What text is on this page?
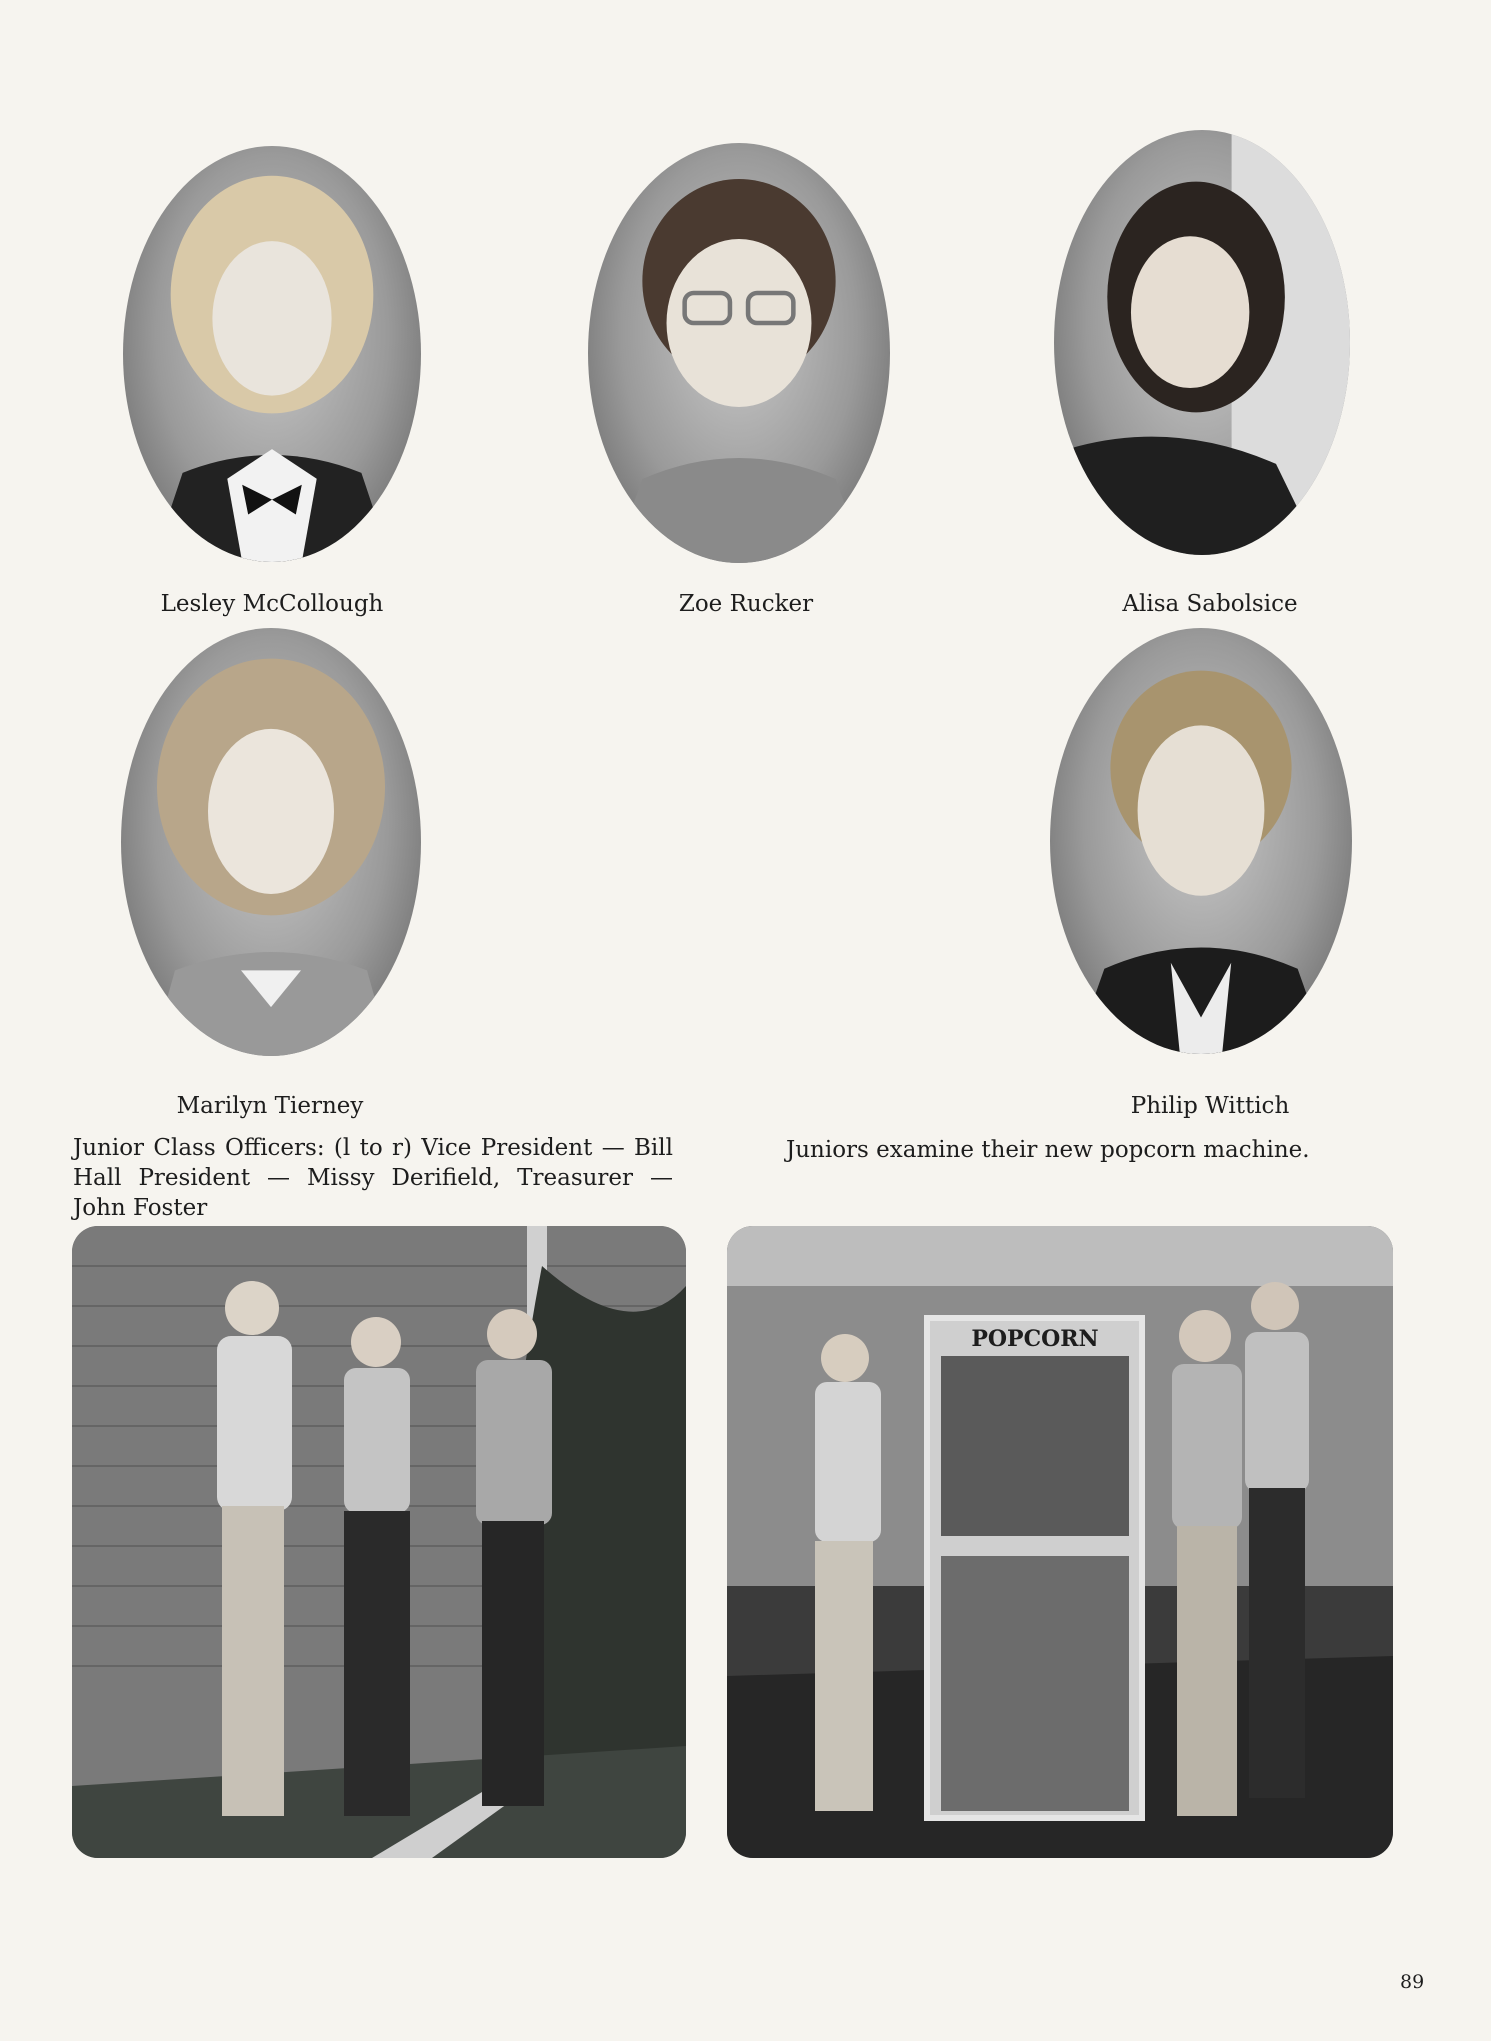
Lesley McCollough	Zoe Rucker	Alisa Sabolsice
Marilyn Tierney	Philip Wittich
Junior Class Officers: (l to r) Vice President — Bill Hall President — Missy Derifield, Treasurer — John Foster
Juniors examine their new popcorn machine.
POPCORN
89
